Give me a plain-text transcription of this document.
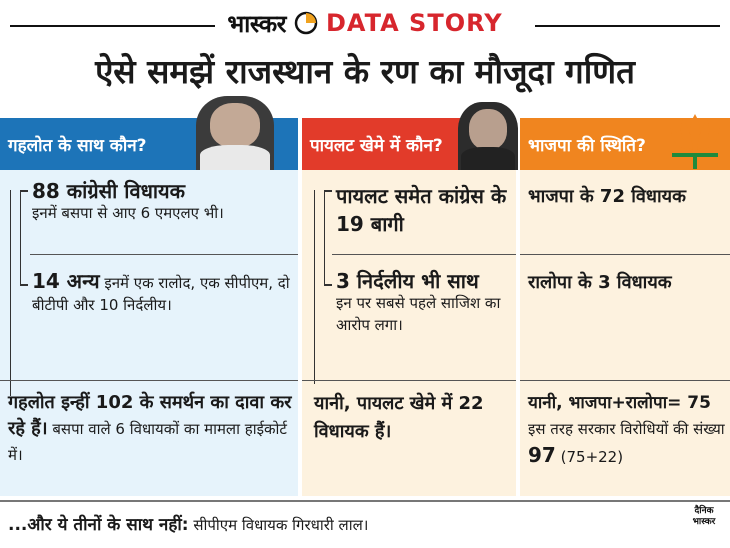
भास्कर DATA STORY
ऐसे समझें राजस्थान के रण का मौजूदा गणित
गहलोत के साथ कौन?	पायलट खेमे में कौन?	भाजपा की स्थिति?
88 कांग्रेसी विधायक
इनमें बसपा से आए 6 एमएलए भी।
14 अन्य इनमें एक रालोद, एक सीपीएम, दो बीटीपी और 10 निर्दलीय।
गहलोत इन्हीं 102 के समर्थन का दावा कर रहे हैं। बसपा वाले 6 विधायकों का मामला हाईकोर्ट में।
पायलट समेत कांग्रेस के 19 बागी
3 निर्दलीय भी साथ
इन पर सबसे पहले साजिश का आरोप लगा।
यानी, पायलट खेमे में 22 विधायक हैं।
भाजपा के 72 विधायक
रालोपा के 3 विधायक
यानी, भाजपा+रालोपा= 75
इस तरह सरकार विरोधियों की संख्या 97 (75+22)
...और ये तीनों के साथ नहीं: सीपीएम विधायक गिरधारी लाल।
दैनिक
भास्कर
